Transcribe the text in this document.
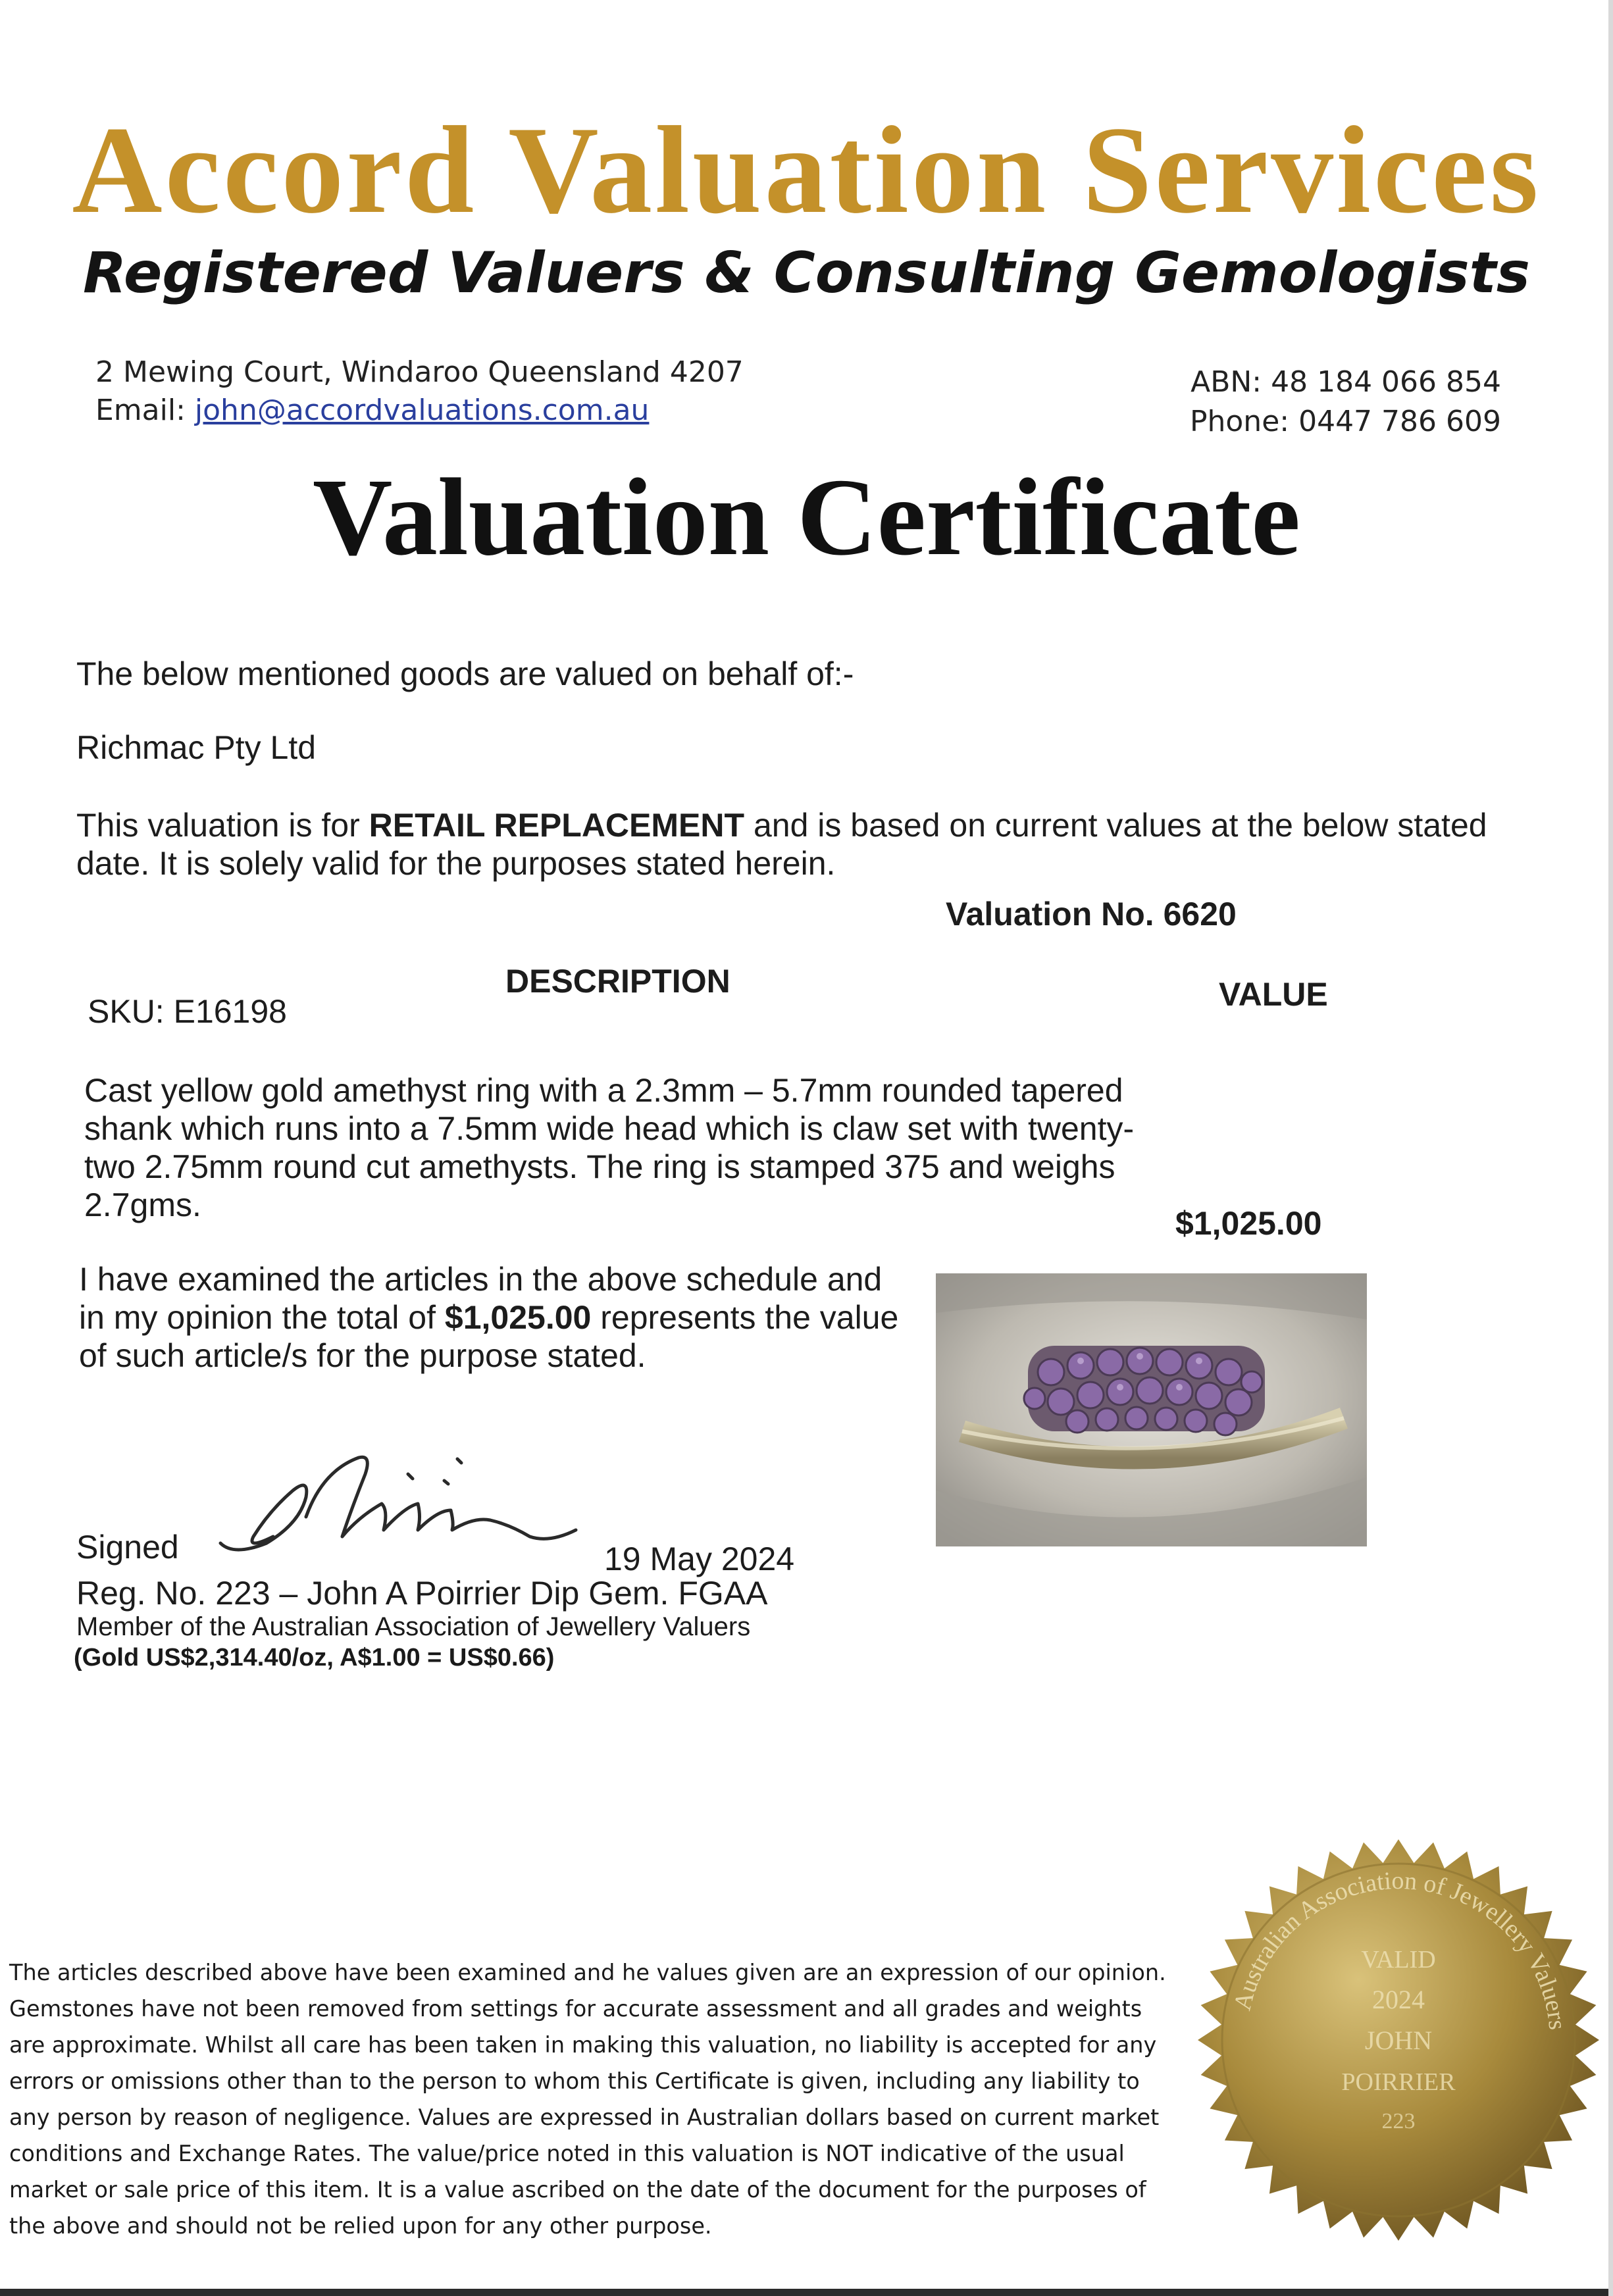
Accord Valuation Services
Registered Valuers & Consulting Gemologists
2 Mewing Court, Windaroo Queensland 4207
Email: john@accordvaluations.com.au
ABN: 48 184 066 854
Phone: 0447 786 609
Valuation Certificate
The below mentioned goods are valued on behalf of:-
Richmac Pty Ltd
This valuation is for RETAIL REPLACEMENT and is based on current values at the below stated date. It is solely valid for the purposes stated herein.
Valuation No. 6620
DESCRIPTION	VALUE
SKU: E16198
Cast yellow gold amethyst ring with a 2.3mm – 5.7mm rounded tapered shank which runs into a 7.5mm wide head which is claw set with twenty-two 2.75mm round cut amethysts. The ring is stamped 375 and weighs 2.7gms.	$1,025.00
I have examined the articles in the above schedule and in my opinion the total of $1,025.00 represents the value of such article/s for the purpose stated.
Signed	19 May 2024
Reg. No. 223 – John A Poirrier Dip Gem. FGAA
Member of the Australian Association of Jewellery Valuers
(Gold US$2,314.40/oz, A$1.00 = US$0.66)

The articles described above have been examined and he values given are an expression of our opinion. Gemstones have not been removed from settings for accurate assessment and all grades and weights are approximate. Whilst all care has been taken in making this valuation, no liability is accepted for any errors or omissions other than to the person to whom this Certificate is given, including any liability to any person by reason of negligence. Values are expressed in Australian dollars based on current market conditions and Exchange Rates. The value/price noted in this valuation is NOT indicative of the usual market or sale price of this item. It is a value ascribed on the date of the document for the purposes of the above and should not be relied upon for any other purpose.

Australian Association of Jewellery Valuers
VALID
2024
JOHN
POIRRIER
223
